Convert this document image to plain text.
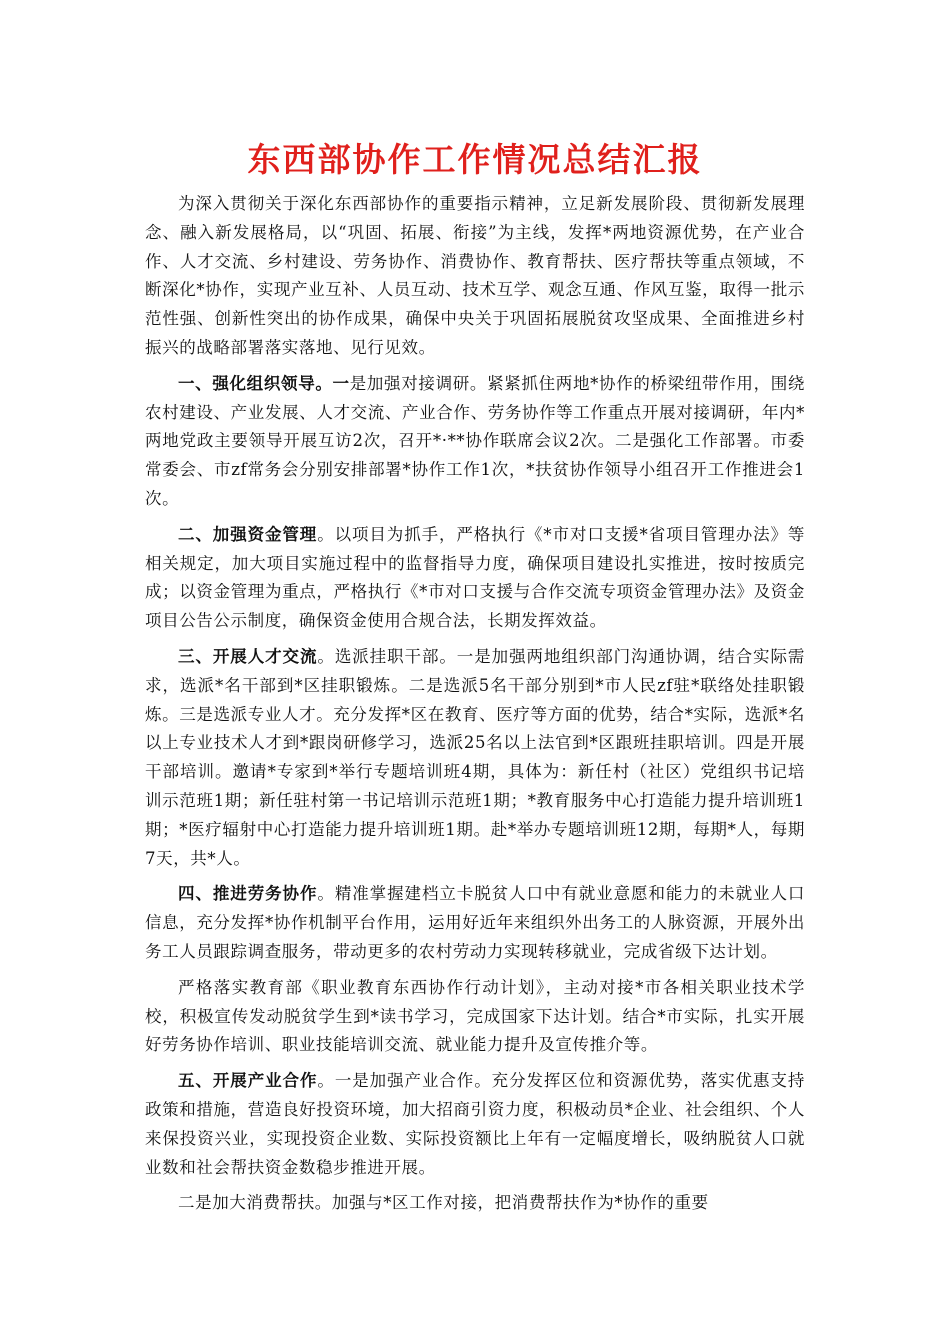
东西部协作工作情况总结汇报

为深入贯彻关于深化东西部协作的重要指示精神，立足新发展阶段、贯彻新发展理念、融入新发展格局，以“巩固、拓展、衔接”为主线，发挥*两地资源优势，在产业合作、人才交流、乡村建设、劳务协作、消费协作、教育帮扶、医疗帮扶等重点领域，不断深化*协作，实现产业互补、人员互动、技术互学、观念互通、作风互鉴，取得一批示范性强、创新性突出的协作成果，确保中央关于巩固拓展脱贫攻坚成果、全面推进乡村振兴的战略部署落实落地、见行见效。

一、强化组织领导。一是加强对接调研。紧紧抓住两地*协作的桥梁纽带作用，围绕农村建设、产业发展、人才交流、产业合作、劳务协作等工作重点开展对接调研，年内*两地党政主要领导开展互访2次，召开*·**协作联席会议2次。二是强化工作部署。市委常委会、市zf常务会分别安排部署*协作工作1次，*扶贫协作领导小组召开工作推进会1次。

二、加强资金管理。以项目为抓手，严格执行《*市对口支援*省项目管理办法》等相关规定，加大项目实施过程中的监督指导力度，确保项目建设扎实推进，按时按质完成；以资金管理为重点，严格执行《*市对口支援与合作交流专项资金管理办法》及资金项目公告公示制度，确保资金使用合规合法，长期发挥效益。

三、开展人才交流。选派挂职干部。一是加强两地组织部门沟通协调，结合实际需求，选派*名干部到*区挂职锻炼。二是选派5名干部分别到*市人民zf驻*联络处挂职锻炼。三是选派专业人才。充分发挥*区在教育、医疗等方面的优势，结合*实际，选派*名以上专业技术人才到*跟岗研修学习，选派25名以上法官到*区跟班挂职培训。四是开展干部培训。邀请*专家到*举行专题培训班4期，具体为：新任村（社区）党组织书记培训示范班1期；新任驻村第一书记培训示范班1期；*教育服务中心打造能力提升培训班1期；*医疗辐射中心打造能力提升培训班1期。赴*举办专题培训班12期，每期*人，每期7天，共*人。

四、推进劳务协作。精准掌握建档立卡脱贫人口中有就业意愿和能力的未就业人口信息，充分发挥*协作机制平台作用，运用好近年来组织外出务工的人脉资源，开展外出务工人员跟踪调查服务，带动更多的农村劳动力实现转移就业，完成省级下达计划。

严格落实教育部《职业教育东西协作行动计划》，主动对接*市各相关职业技术学校，积极宣传发动脱贫学生到*读书学习，完成国家下达计划。结合*市实际，扎实开展好劳务协作培训、职业技能培训交流、就业能力提升及宣传推介等。

五、开展产业合作。一是加强产业合作。充分发挥区位和资源优势，落实优惠支持政策和措施，营造良好投资环境，加大招商引资力度，积极动员*企业、社会组织、个人来保投资兴业，实现投资企业数、实际投资额比上年有一定幅度增长，吸纳脱贫人口就业数和社会帮扶资金数稳步推进开展。

二是加大消费帮扶。加强与*区工作对接，把消费帮扶作为*协作的重要
